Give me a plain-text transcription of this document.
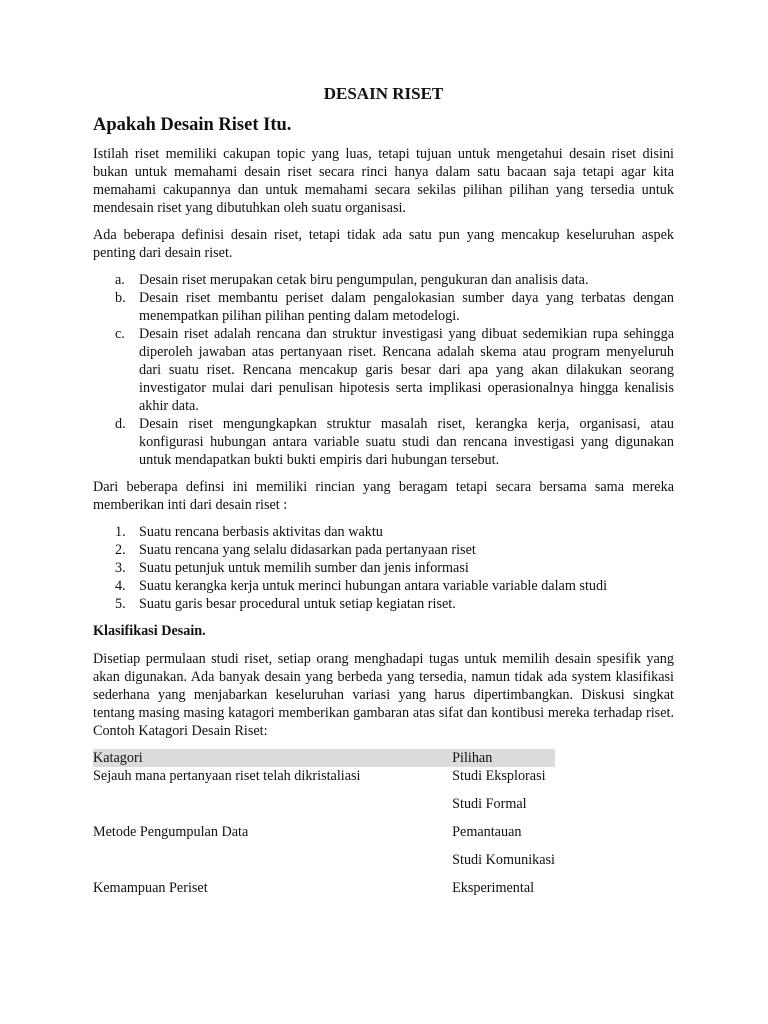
DESAIN RISET
Apakah Desain Riset Itu.

Istilah riset memiliki cakupan topic yang luas, tetapi tujuan untuk mengetahui desain riset disini bukan untuk memahami desain riset secara rinci hanya dalam satu bacaan saja tetapi agar kita memahami cakupannya dan untuk memahami secara sekilas pilihan pilihan yang tersedia untuk mendesain riset yang dibutuhkan oleh suatu organisasi.

Ada beberapa definisi desain riset, tetapi tidak ada satu pun yang mencakup keseluruhan aspek penting dari desain riset.

a. Desain riset merupakan cetak biru pengumpulan, pengukuran dan analisis data.
b. Desain riset membantu periset dalam pengalokasian sumber daya yang terbatas dengan menempatkan pilihan pilihan penting dalam metodelogi.
c. Desain riset adalah rencana dan struktur investigasi yang dibuat sedemikian rupa sehingga diperoleh jawaban atas pertanyaan riset. Rencana adalah skema atau program menyeluruh dari suatu riset. Rencana mencakup garis besar dari apa yang akan dilakukan seorang investigator mulai dari penulisan hipotesis serta implikasi operasionalnya hingga kenalisis akhir data.
d. Desain riset mengungkapkan struktur masalah riset, kerangka kerja, organisasi, atau konfigurasi hubungan antara variable suatu studi dan rencana investigasi yang digunakan untuk mendapatkan bukti bukti empiris dari hubungan tersebut.

Dari beberapa definsi ini memiliki rincian yang beragam tetapi secara bersama sama mereka memberikan inti dari desain riset :

1. Suatu rencana berbasis aktivitas dan waktu
2. Suatu rencana yang selalu didasarkan pada pertanyaan riset
3. Suatu petunjuk untuk memilih sumber dan jenis informasi
4. Suatu kerangka kerja untuk merinci hubungan antara variable variable dalam studi
5. Suatu garis besar procedural untuk setiap kegiatan riset.
Klasifikasi Desain.

Disetiap permulaan studi riset, setiap orang menghadapi tugas untuk memilih desain spesifik yang akan digunakan. Ada banyak desain yang berbeda yang tersedia, namun tidak ada system klasifikasi sederhana yang menjabarkan keseluruhan variasi yang harus dipertimbangkan. Diskusi singkat tentang masing masing katagori memberikan gambaran atas sifat dan kontibusi mereka terhadap riset. Contoh Katagori Desain Riset:

Katagori	Pilihan
Sejauh mana pertanyaan riset telah dikristaliasi	Studi Eksplorasi
	Studi Formal
Metode Pengumpulan Data	Pemantauan
	Studi Komunikasi
Kemampuan Periset	Eksperimental
